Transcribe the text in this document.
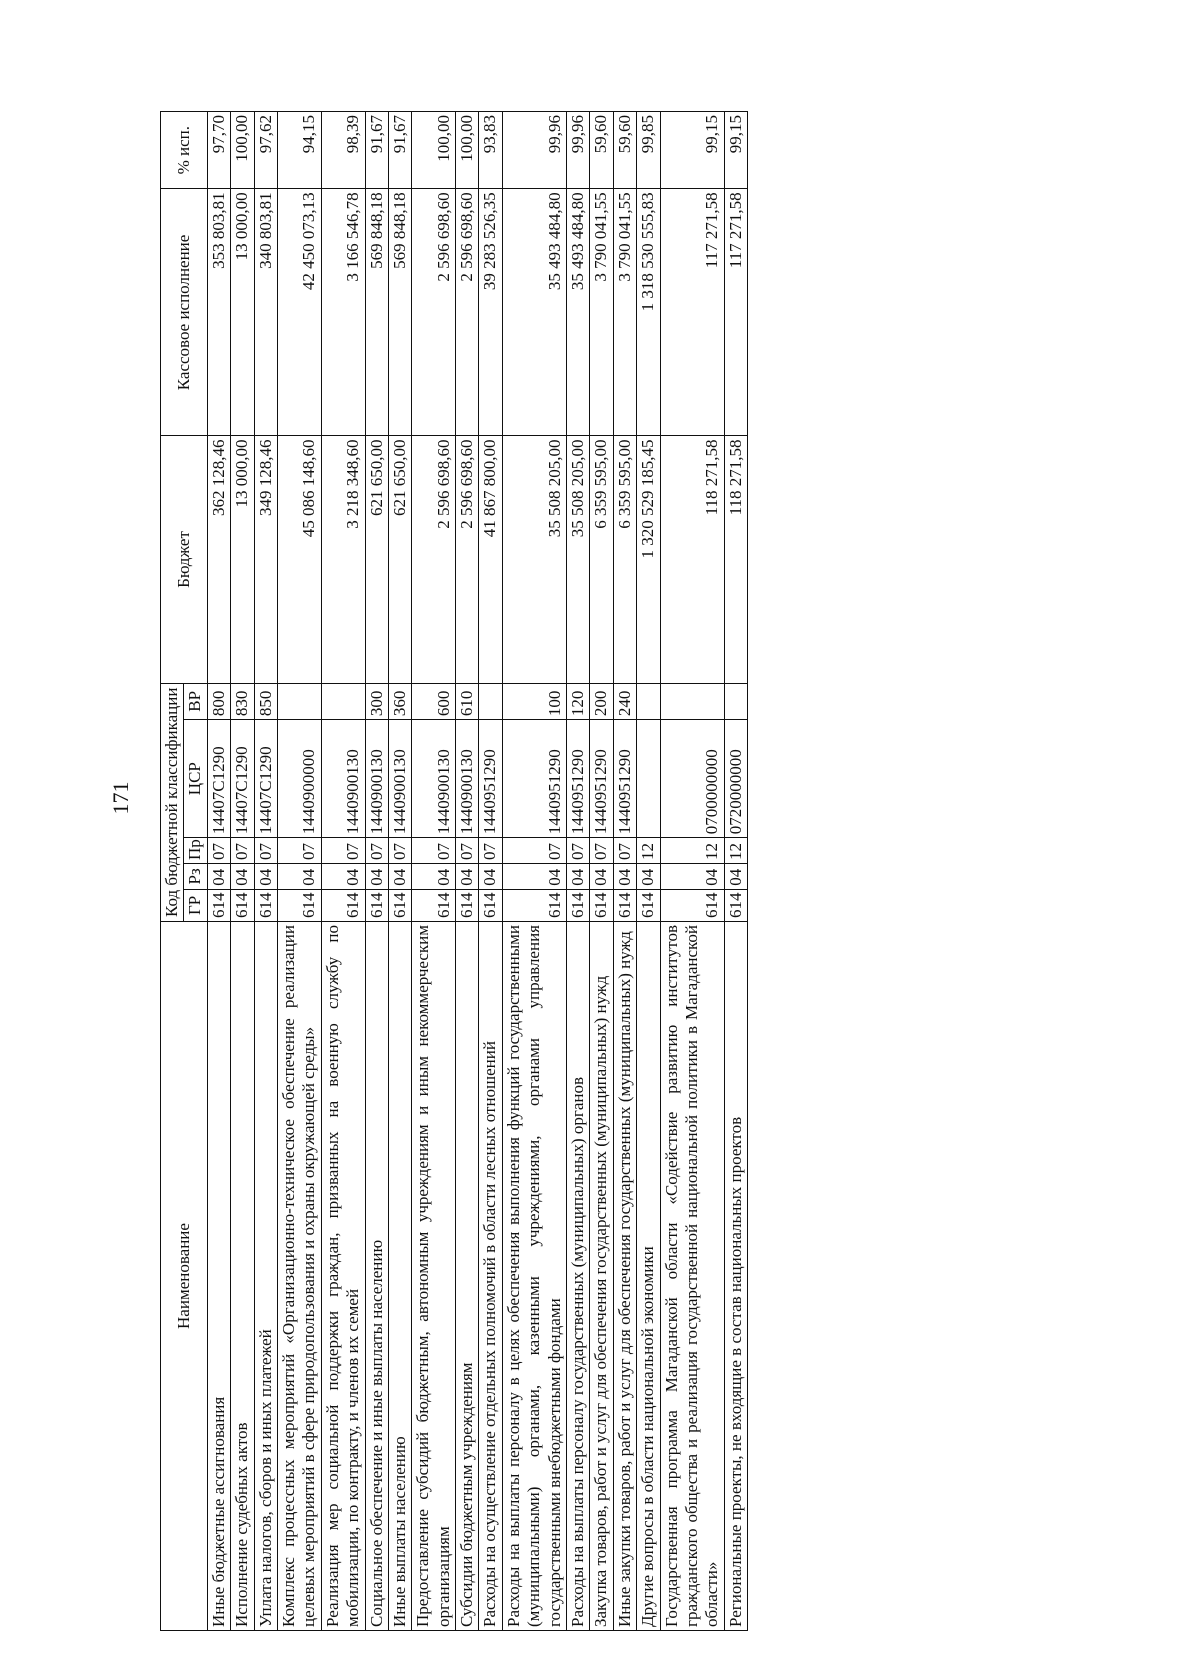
171
Наименование	Код бюджетной классификации					Бюджет	Кассовое исполнение	% исп.
	ГР	Рз	Пр	ЦСР	ВР			
Иные бюджетные ассигнования	614	04	07	14407C1290	800	362 128,46	353 803,81	97,70
Исполнение судебных актов	614	04	07	14407C1290	830	13 000,00	13 000,00	100,00
Уплата налогов, сборов и иных платежей	614	04	07	14407C1290	850	349 128,46	340 803,81	97,62
Комплекс процессных мероприятий «Организационно-техническое обеспечение реализации целевых мероприятий в сфере природопользования и охраны окружающей среды»	614	04	07	1440900000		45 086 148,60	42 450 073,13	94,15
Реализация мер социальной поддержки граждан, призванных на военную службу по мобилизации, по контракту, и членов их семей	614	04	07	1440900130		3 218 348,60	3 166 546,78	98,39
Социальное обеспечение и иные выплаты населению	614	04	07	1440900130	300	621 650,00	569 848,18	91,67
Иные выплаты населению	614	04	07	1440900130	360	621 650,00	569 848,18	91,67
Предоставление субсидий бюджетным, автономным учреждениям и иным некоммерческим организациям	614	04	07	1440900130	600	2 596 698,60	2 596 698,60	100,00
Субсидии бюджетным учреждениям	614	04	07	1440900130	610	2 596 698,60	2 596 698,60	100,00
Расходы на осуществление отдельных полномочий в области лесных отношений	614	04	07	1440951290		41 867 800,00	39 283 526,35	93,83
Расходы на выплаты персоналу в целях обеспечения выполнения функций государственными (муниципальными) органами, казенными учреждениями, органами управления государственными внебюджетными фондами	614	04	07	1440951290	100	35 508 205,00	35 493 484,80	99,96
Расходы на выплаты персоналу государственных (муниципальных) органов	614	04	07	1440951290	120	35 508 205,00	35 493 484,80	99,96
Закупка товаров, работ и услуг для обеспечения государственных (муниципальных) нужд	614	04	07	1440951290	200	6 359 595,00	3 790 041,55	59,60
Иные закупки товаров, работ и услуг для обеспечения государственных (муниципальных) нужд	614	04	07	1440951290	240	6 359 595,00	3 790 041,55	59,60
Другие вопросы в области национальной экономики	614	04	12			1 320 529 185,45	1 318 530 555,83	99,85
Государственная программа Магаданской области «Содействие развитию институтов гражданского общества и реализация государственной национальной политики в Магаданской области»	614	04	12	0700000000		118 271,58	117 271,58	99,15
Региональные проекты, не входящие в состав национальных проектов	614	04	12	0720000000		118 271,58	117 271,58	99,15
